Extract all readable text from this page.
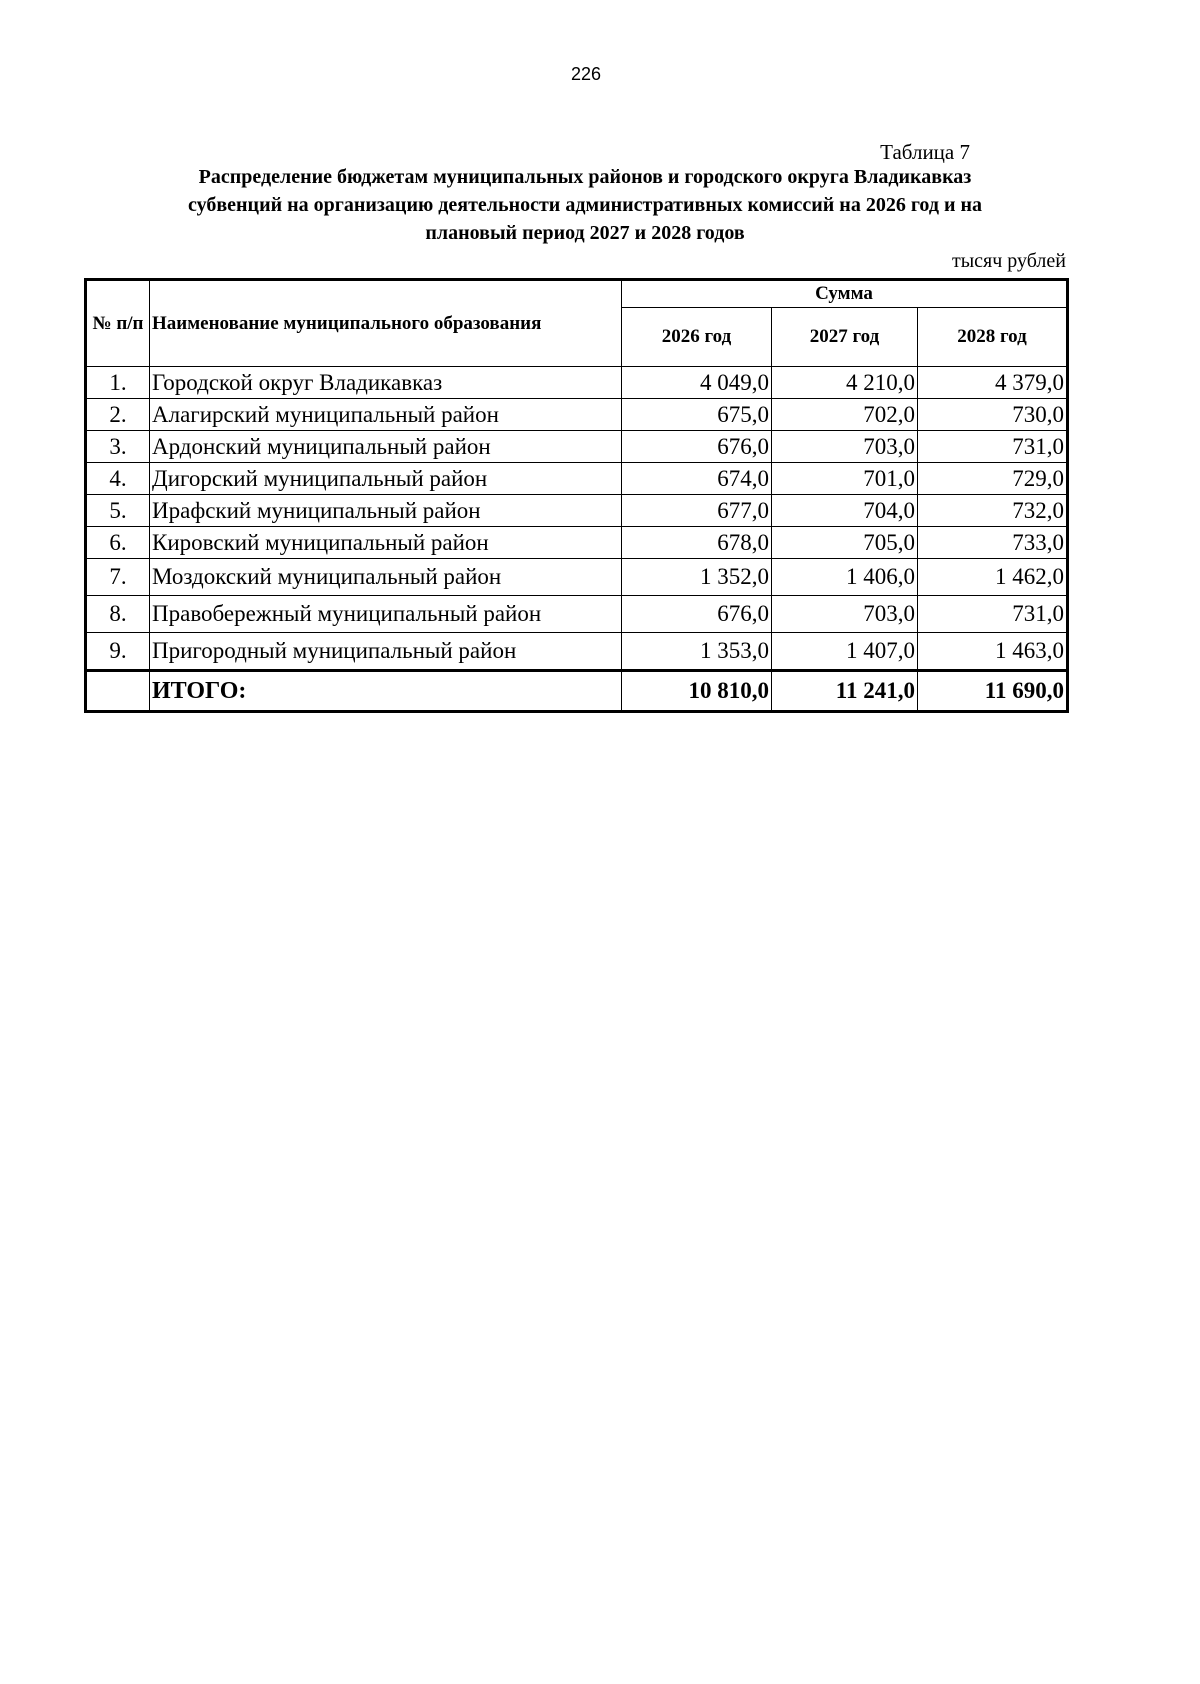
226
Таблица 7
Распределение бюджетам муниципальных районов и городского округа Владикавказ
субвенций на организацию деятельности административных комиссий на 2026 год и на
плановый период 2027 и 2028 годов
тысяч рублей
№ п/п	Наименование муниципального образования	Сумма		
		2026 год	2027 год	2028 год
1.	Городской округ Владикавказ	4 049,0	4 210,0	4 379,0
2.	Алагирский муниципальный район	675,0	702,0	730,0
3.	Ардонский муниципальный район	676,0	703,0	731,0
4.	Дигорский муниципальный район	674,0	701,0	729,0
5.	Ирафский муниципальный район	677,0	704,0	732,0
6.	Кировский муниципальный район	678,0	705,0	733,0
7.	Моздокский муниципальный район	1 352,0	1 406,0	1 462,0
8.	Правобережный муниципальный район	676,0	703,0	731,0
9.	Пригородный муниципальный район	1 353,0	1 407,0	1 463,0
	ИТОГО:	10 810,0	11 241,0	11 690,0
